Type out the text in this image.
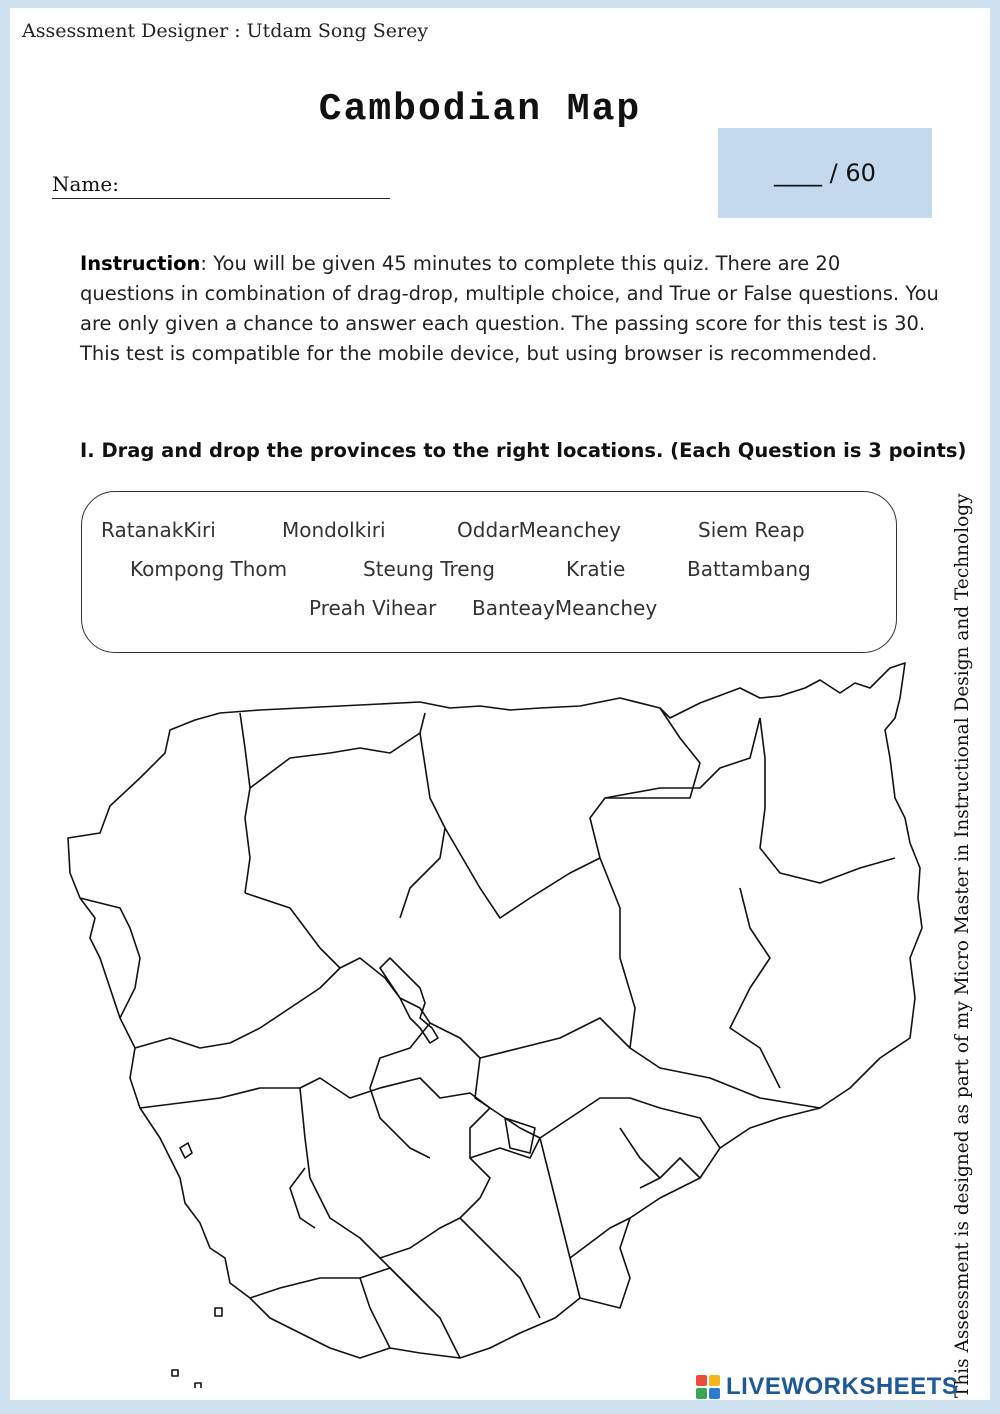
Assessment Designer : Utdam Song Serey
Cambodian Map
Name:	____ / 60
Instruction: You will be given 45 minutes to complete this quiz. There are 20 questions in combination of drag-drop, multiple choice, and True or False questions. You are only given a chance to answer each question. The passing score for this test is 30. This test is compatible for the mobile device, but using browser is recommended.
I. Drag and drop the provinces to the right locations. (Each Question is 3 points)
RatanakKiri	Mondolkiri	OddarMeanchey	Siem Reap
Kompong Thom	Steung Treng	Kratie	Battambang
Preah Vihear BanteayMeanchey	This Assessment is designed as part of my Micro Master in Instructional Design and Technology
LIVEWORKSHEETS
